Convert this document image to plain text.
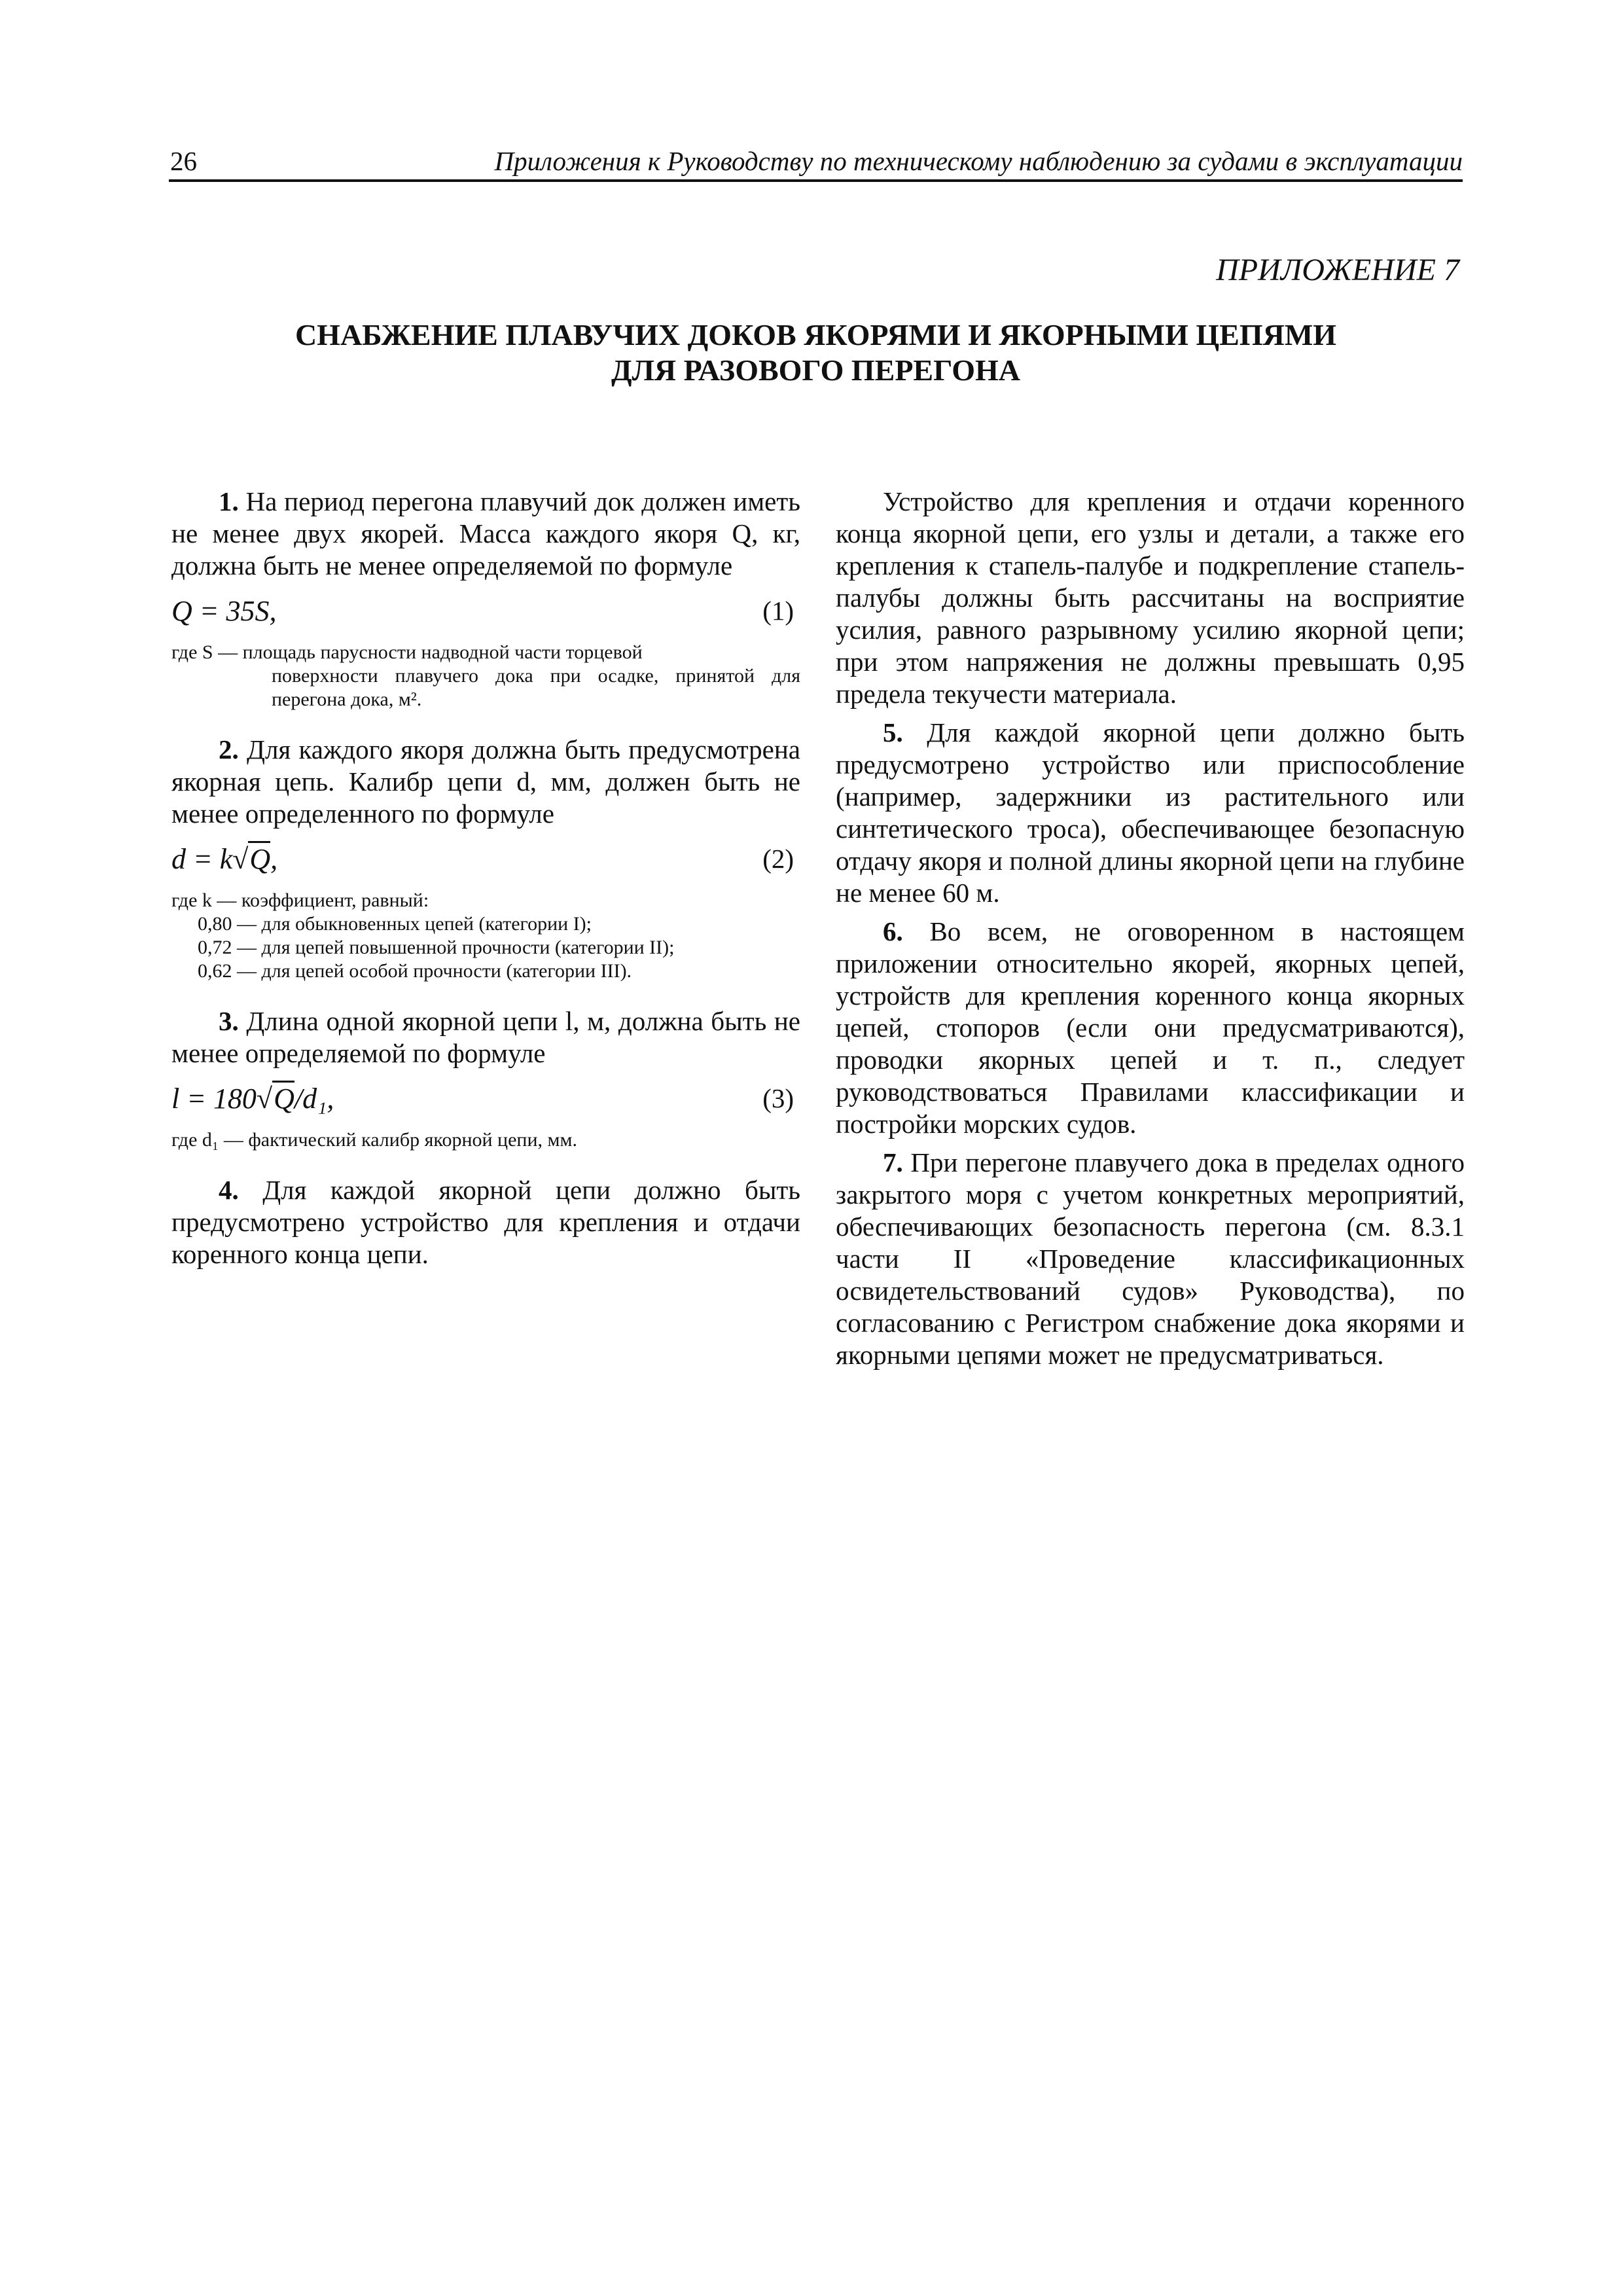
26	Приложения к Руководству по техническому наблюдению за судами в эксплуатации
ПРИЛОЖЕНИЕ 7
СНАБЖЕНИЕ ПЛАВУЧИХ ДОКОВ ЯКОРЯМИ И ЯКОРНЫМИ ЦЕПЯМИ
ДЛЯ РАЗОВОГО ПЕРЕГОНА

1. На период перегона плавучий док должен иметь не менее двух якорей. Масса каждого якоря Q, кг, должна быть не менее определяемой по формуле

Q = 35S,	(1)
где S — площадь парусности надводной части торцевой
поверхности плавучего дока при осадке, принятой для перегона дока, м².

2. Для каждого якоря должна быть предусмотрена якорная цепь. Калибр цепи d, мм, должен быть не менее определенного по формуле

d = k√Q,	(2)
где k — коэффициент, равный:
0,80 — для обыкновенных цепей (категории I);
0,72 — для цепей повышенной прочности (категории II);
0,62 — для цепей особой прочности (категории III).

3. Длина одной якорной цепи l, м, должна быть не менее определяемой по формуле

l = 180√Q/d₁,	(3)
где d₁ — фактический калибр якорной цепи, мм.

4. Для каждой якорной цепи должно быть предусмотрено устройство для крепления и отдачи коренного конца цепи.

Устройство для крепления и отдачи коренного конца якорной цепи, его узлы и детали, а также его крепления к стапель-палубе и подкрепление стапель-палубы должны быть рассчитаны на восприятие усилия, равного разрывному усилию якорной цепи; при этом напряжения не должны превышать 0,95 предела текучести материала.

5. Для каждой якорной цепи должно быть предусмотрено устройство или приспособление (например, задержники из растительного или синтетического троса), обеспечивающее безопасную отдачу якоря и полной длины якорной цепи на глубине не менее 60 м.

6. Во всем, не оговоренном в настоящем приложении относительно якорей, якорных цепей, устройств для крепления коренного конца якорных цепей, стопоров (если они предусматриваются), проводки якорных цепей и т. п., следует руководствоваться Правилами классификации и постройки морских судов.

7. При перегоне плавучего дока в пределах одного закрытого моря с учетом конкретных мероприятий, обеспечивающих безопасность перегона (см. 8.3.1 части II «Проведение классификационных освидетельствований судов» Руководства), по согласованию с Регистром снабжение дока якорями и якорными цепями может не предусматриваться.
